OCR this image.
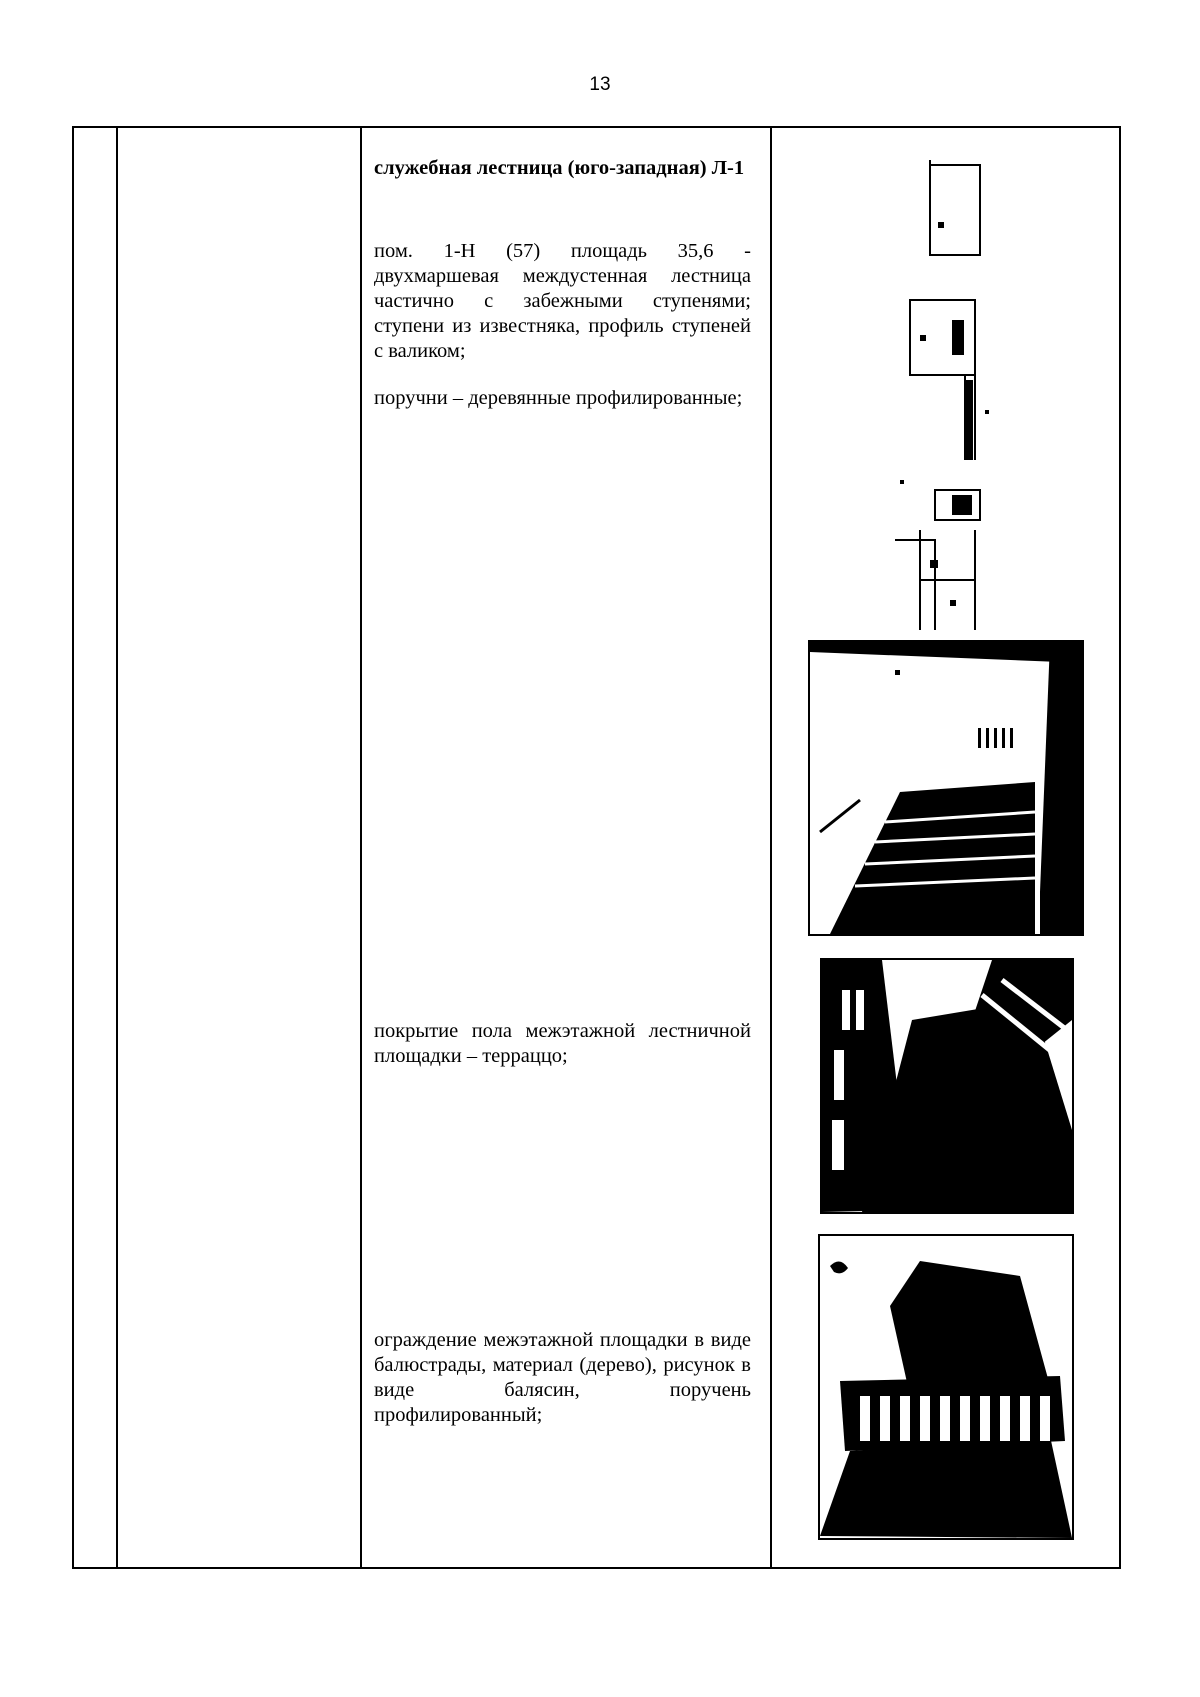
13

служебная лестница (юго-западная) Л-1

пом. 1-Н (57) площадь 35,6 - двухмаршевая междустенная лестница частично с забежными ступенями; ступени из известняка, профиль ступеней с валиком;

поручни – деревянные профилированные;

покрытие пола межэтажной лестничной площадки – терраццо;

ограждение межэтажной площадки в виде балюстрады, материал (дерево), рисунок в виде балясин, поручень профилированный;
